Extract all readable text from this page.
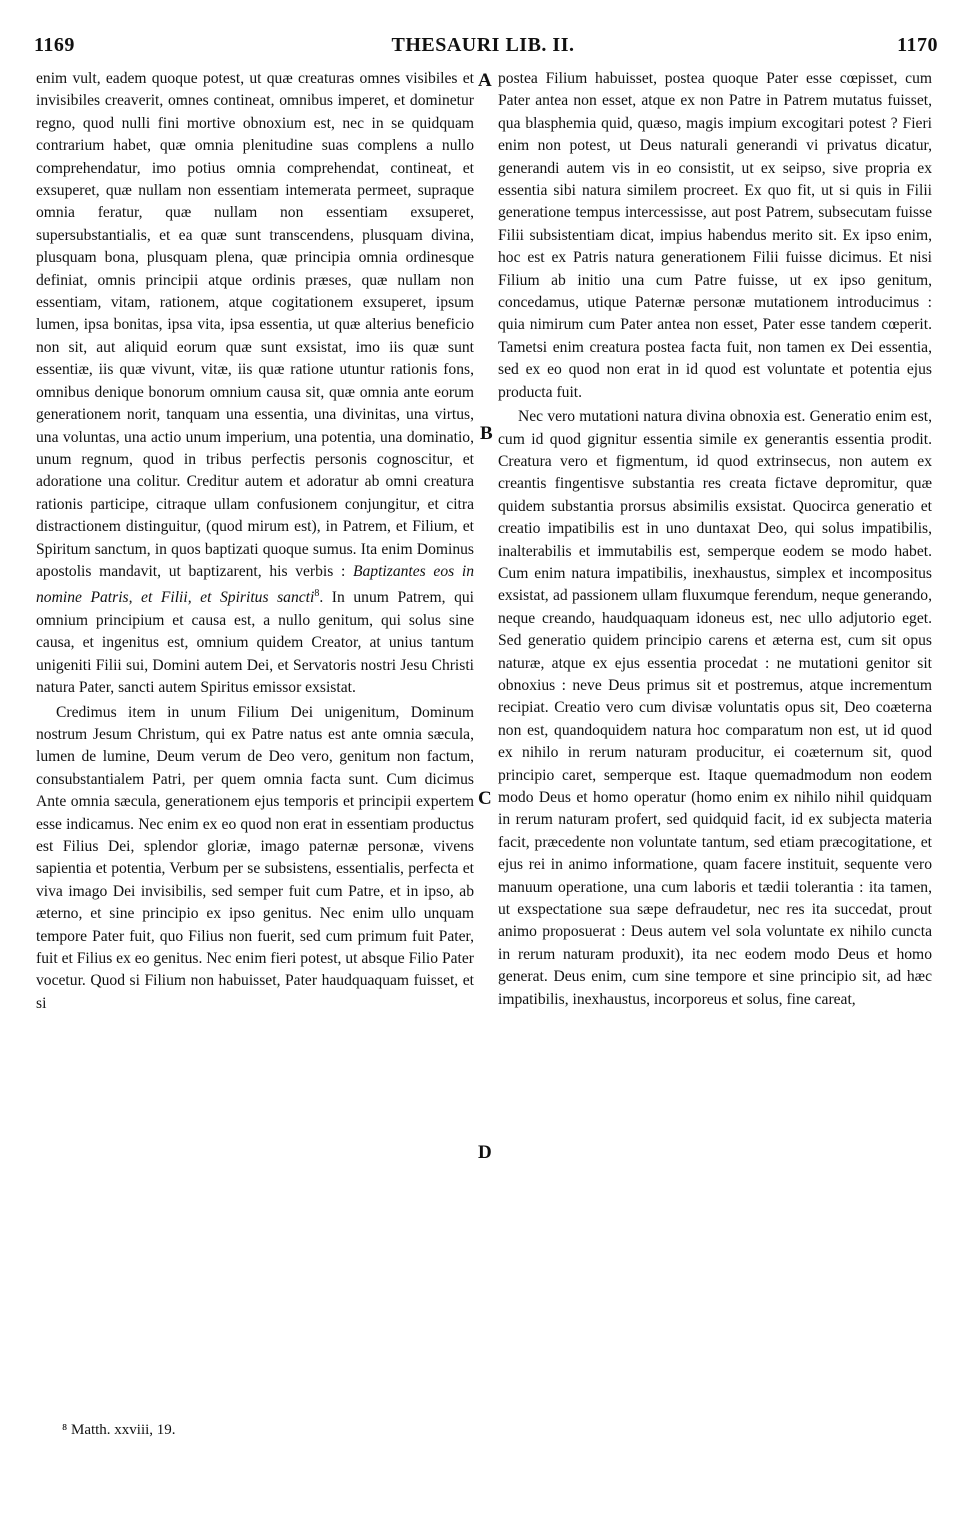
1169	THESAURI LIB. II.	1170

enim vult, eadem quoque potest, ut quæ creaturas omnes visibiles et invisibiles creaverit, omnes contineat, omnibus imperet, et dominetur regno, quod nulli fini mortive obnoxium est, nec in se quidquam contrarium habet, quæ omnia plenitudine suas complens a nullo comprehendatur, imo potius omnia comprehendat, contineat, et exsuperet, quæ nullam non essentiam intemerata permeet, supraque omnia feratur, quæ nullam non essentiam exsuperet, supersubstantialis, et ea quæ sunt transcendens, plusquam divina, plusquam bona, plusquam plena, quæ principia omnia ordinesque definiat, omnis principii atque ordinis præses, quæ nullam non essentiam, vitam, rationem, atque cogitationem exsuperet, ipsum lumen, ipsa bonitas, ipsa vita, ipsa essentia, ut quæ alterius beneficio non sit, aut aliquid eorum quæ sunt exsistat, imo iis quæ sunt essentiæ, iis quæ vivunt, vitæ, iis quæ ratione utuntur rationis fons, omnibus denique bonorum omnium causa sit, quæ omnia ante eorum generationem norit, tanquam una essentia, una divinitas, una virtus, una voluntas, una actio unum imperium, una potentia, una dominatio, unum regnum, quod in tribus perfectis personis cognoscitur, et adoratione una colitur. Creditur autem et adoratur ab omni creatura rationis participe, citraque ullam confusionem conjungitur, et citra distractionem distinguitur, (quod mirum est), in Patrem, et Filium, et Spiritum sanctum, in quos baptizati quoque sumus. Ita enim Dominus apostolis mandavit, ut baptizarent, his verbis : Baptizantes eos in nomine Patris, et Filii, et Spiritus sancti$^8$. In unum Patrem, qui omnium principium et causa est, a nullo genitum, qui solus sine causa, et ingenitus est, omnium quidem Creator, at unius tantum unigeniti Filii sui, Domini autem Dei, et Servatoris nostri Jesu Christi natura Pater, sancti autem Spiritus emissor exsistat.

Credimus item in unum Filium Dei unigenitum, Dominum nostrum Jesum Christum, qui ex Patre natus est ante omnia sæcula, lumen de lumine, Deum verum de Deo vero, genitum non factum, consubstantialem Patri, per quem omnia facta sunt. Cum dicimus Ante omnia sæcula, generationem ejus temporis et principii expertem esse indicamus. Nec enim ex eo quod non erat in essentiam productus est Filius Dei, splendor gloriæ, imago paternæ personæ, vivens sapientia et potentia, Verbum per se subsistens, essentialis, perfecta et viva imago Dei invisibilis, sed semper fuit cum Patre, et in ipso, ab æterno, et sine principio ex ipso genitus. Nec enim ullo unquam tempore Pater fuit, quo Filius non fuerit, sed cum primum fuit Pater, fuit et Filius ex eo genitus. Nec enim fieri potest, ut absque Filio Pater vocetur. Quod si Filium non habuisset, Pater haudquaquam fuisset, et si

A
B
C
D

postea Filium habuisset, postea quoque Pater esse cœpisset, cum Pater antea non esset, atque ex non Patre in Patrem mutatus fuisset, qua blasphemia quid, quæso, magis impium excogitari potest ? Fieri enim non potest, ut Deus naturali generandi vi privatus dicatur, generandi autem vis in eo consistit, ut ex seipso, sive propria ex essentia sibi natura similem procreet. Ex quo fit, ut si quis in Filii generatione tempus intercessisse, aut post Patrem, subsecutam fuisse Filii subsistentiam dicat, impius habendus merito sit. Ex ipso enim, hoc est ex Patris natura generationem Filii fuisse dicimus. Et nisi Filium ab initio una cum Patre fuisse, ut ex ipso genitum, concedamus, utique Paternæ personæ mutationem introducimus : quia nimirum cum Pater antea non esset, Pater esse tandem cœperit. Tametsi enim creatura postea facta fuit, non tamen ex Dei essentia, sed ex eo quod non erat in id quod est voluntate et potentia ejus producta fuit.

Nec vero mutationi natura divina obnoxia est. Generatio enim est, cum id quod gignitur essentia simile ex generantis essentia prodit. Creatura vero et figmentum, id quod extrinsecus, non autem ex creantis fingentisve substantia res creata fictave depromitur, quæ quidem substantia prorsus absimilis exsistat. Quocirca generatio et creatio impatibilis est in uno duntaxat Deo, qui solus impatibilis, inalterabilis et immutabilis est, semperque eodem se modo habet. Cum enim natura impatibilis, inexhaustus, simplex et incompositus exsistat, ad passionem ullam fluxumque ferendum, neque generando, neque creando, haudquaquam idoneus est, nec ullo adjutorio eget. Sed generatio quidem principio carens et æterna est, cum sit opus naturæ, atque ex ejus essentia procedat : ne mutationi genitor sit obnoxius : neve Deus primus sit et postremus, atque incrementum recipiat. Creatio vero cum divisæ voluntatis opus sit, Deo coæterna non est, quandoquidem natura hoc comparatum non est, ut id quod ex nihilo in rerum naturam producitur, ei coæternum sit, quod principio caret, semperque est. Itaque quemadmodum non eodem modo Deus et homo operatur (homo enim ex nihilo nihil quidquam in rerum naturam profert, sed quidquid facit, id ex subjecta materia facit, præcedente non voluntate tantum, sed etiam præcogitatione, et ejus rei in animo informatione, quam facere instituit, sequente vero manuum operatione, una cum laboris et tædii tolerantia : ita tamen, ut exspectatione sua sæpe defraudetur, nec res ita succedat, prout animo proposuerat : Deus autem vel sola voluntate ex nihilo cuncta in rerum naturam produxit), ita nec eodem modo Deus et homo generat. Deus enim, cum sine tempore et sine principio sit, ad hæc impatibilis, inexhaustus, incorporeus et solus, fine careat,

⁸ Matth. xxviii, 19.
